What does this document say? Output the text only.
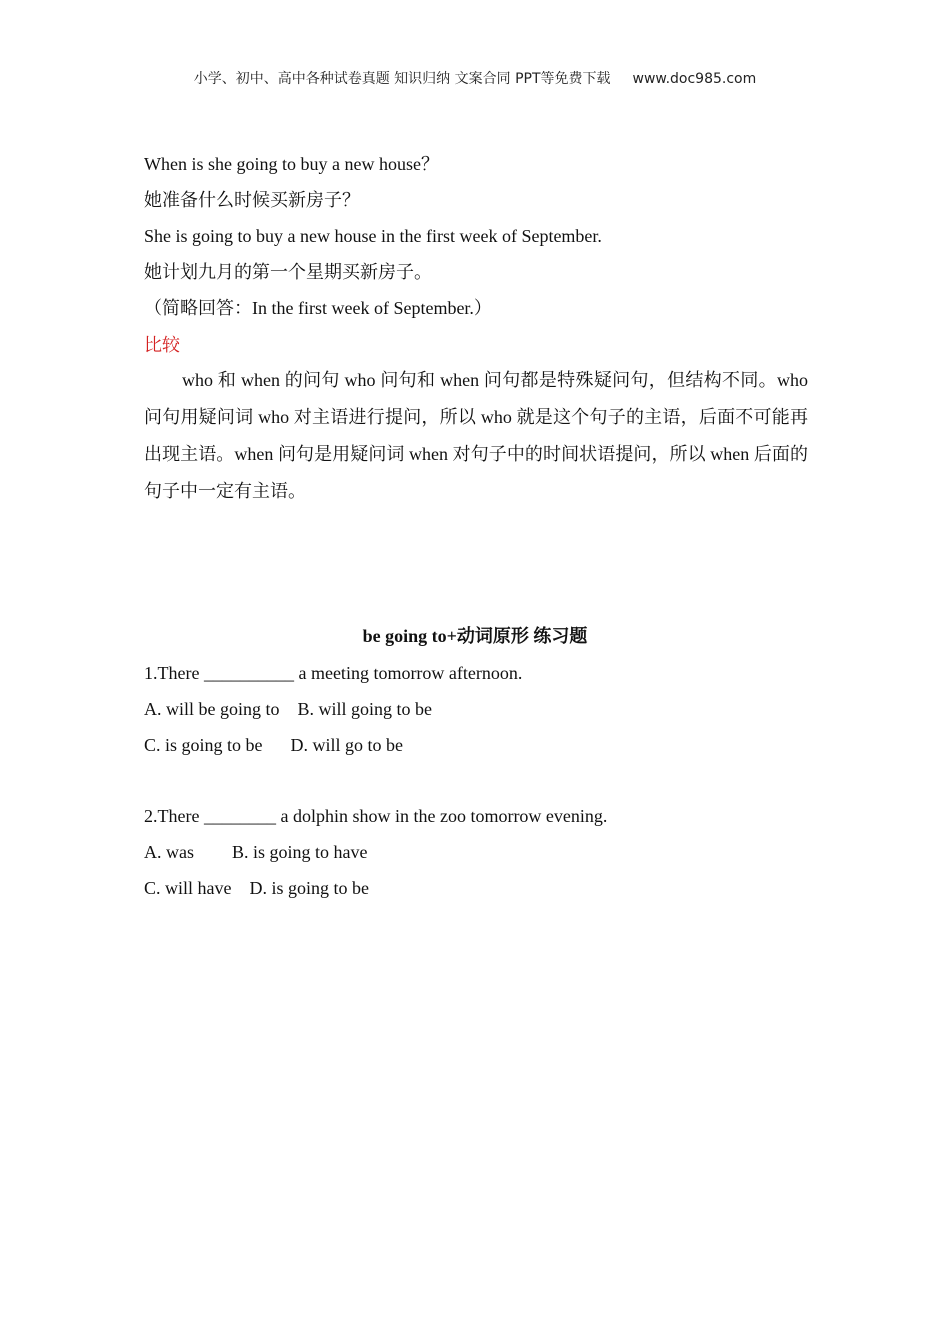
小学、初中、高中各种试卷真题 知识归纳 文案合同 PPT等免费下载 www.doc985.com
When is she going to buy a new house？
她准备什么时候买新房子？
She is going to buy a new house in the first week of September.
她计划九月的第一个星期买新房子。
（简略回答：In the first week of September.）
比较

who 和 when 的问句 who 问句和 when 问句都是特殊疑问句，但结构不同。who 问句用疑问词 who 对主语进行提问，所以 who 就是这个句子的主语，后面不可能再出现主语。when 问句是用疑问词 when 对句子中的时间状语提问，所以 when 后面的句子中一定有主语。

be going to+动词原形 练习题
1.There __________ a meeting tomorrow afternoon.
A. will be going to B. will going to be
C. is going to be D. will go to be
2.There ________ a dolphin show in the zoo tomorrow evening.
A. was B. is going to have
C. will have D. is going to be
